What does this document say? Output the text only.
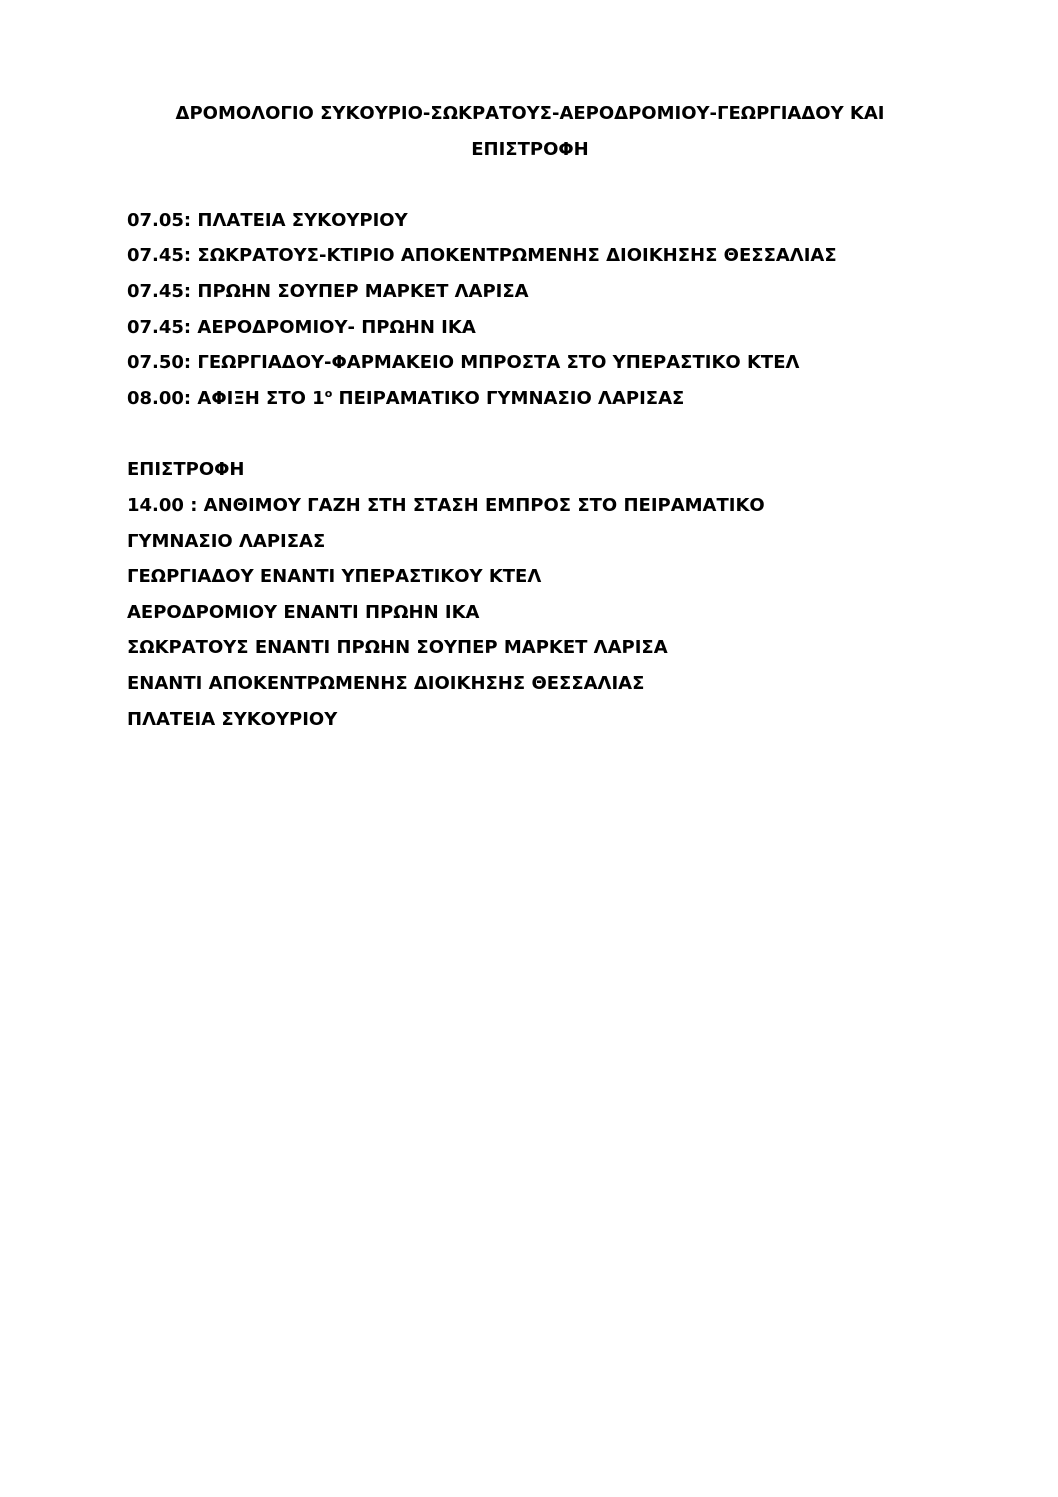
ΔΡΟΜΟΛΟΓΙΟ ΣΥΚΟΥΡΙΟ-ΣΩΚΡΑΤΟΥΣ-ΑΕΡΟΔΡΟΜΙΟΥ-ΓΕΩΡΓΙΑΔΟΥ ΚΑΙ
ΕΠΙΣΤΡΟΦΗ

07.05: ΠΛΑΤΕΙΑ ΣΥΚΟΥΡΙΟΥ

07.45: ΣΩΚΡΑΤΟΥΣ-ΚΤΙΡΙΟ ΑΠΟΚΕΝΤΡΩΜΕΝΗΣ ΔΙΟΙΚΗΣΗΣ ΘΕΣΣΑΛΙΑΣ

07.45: ΠΡΩΗΝ ΣΟΥΠΕΡ ΜΑΡΚΕΤ ΛΑΡΙΣΑ

07.45: ΑΕΡΟΔΡΟΜΙΟΥ- ΠΡΩΗΝ ΙΚΑ

07.50: ΓΕΩΡΓΙΑΔΟΥ-ΦΑΡΜΑΚΕΙΟ ΜΠΡΟΣΤΑ ΣΤΟ ΥΠΕΡΑΣΤΙΚΟ ΚΤΕΛ

08.00: ΑΦΙΞΗ ΣΤΟ $1^o$ ΠΕΙΡΑΜΑΤΙΚΟ ΓΥΜΝΑΣΙΟ ΛΑΡΙΣΑΣ

ΕΠΙΣΤΡΟΦΗ

14.00 : ΑΝΘΙΜΟΥ ΓΑΖΗ ΣΤΗ ΣΤΑΣΗ ΕΜΠΡΟΣ ΣΤΟ ΠΕΙΡΑΜΑΤΙΚΟ

ΓΥΜΝΑΣΙΟ ΛΑΡΙΣΑΣ

ΓΕΩΡΓΙΑΔΟΥ ΕΝΑΝΤΙ ΥΠΕΡΑΣΤΙΚΟΥ ΚΤΕΛ

ΑΕΡΟΔΡΟΜΙΟΥ ΕΝΑΝΤΙ ΠΡΩΗΝ ΙΚΑ

ΣΩΚΡΑΤΟΥΣ ΕΝΑΝΤΙ ΠΡΩΗΝ ΣΟΥΠΕΡ ΜΑΡΚΕΤ ΛΑΡΙΣΑ

ΕΝΑΝΤΙ ΑΠΟΚΕΝΤΡΩΜΕΝΗΣ ΔΙΟΙΚΗΣΗΣ ΘΕΣΣΑΛΙΑΣ

ΠΛΑΤΕΙΑ ΣΥΚΟΥΡΙΟΥ
